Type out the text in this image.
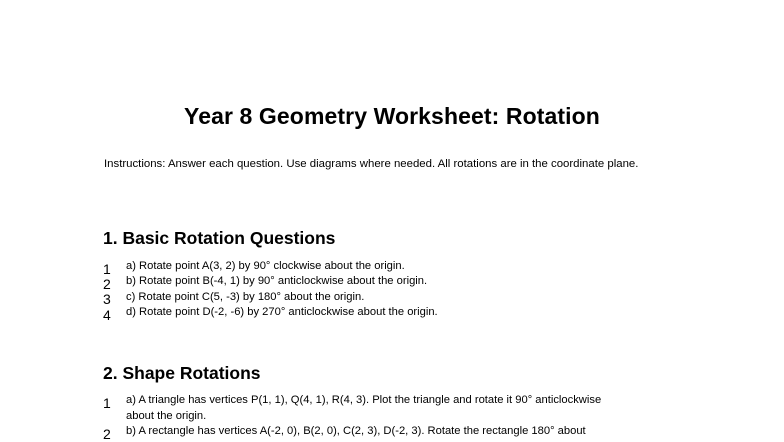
Year 8 Geometry Worksheet: Rotation
Instructions: Answer each question. Use diagrams where needed. All rotations are in the coordinate plane.
1. Basic Rotation Questions
1 a) Rotate point A(3, 2) by 90° clockwise about the origin.
2 b) Rotate point B(-4, 1) by 90° anticlockwise about the origin.
3 c) Rotate point C(5, -3) by 180° about the origin.
4 d) Rotate point D(-2, -6) by 270° anticlockwise about the origin.
2. Shape Rotations
1 a) A triangle has vertices P(1, 1), Q(4, 1), R(4, 3). Plot the triangle and rotate it 90° anticlockwise about the origin.
2 b) A rectangle has vertices A(-2, 0), B(2, 0), C(2, 3), D(-2, 3). Rotate the rectangle 180° about
